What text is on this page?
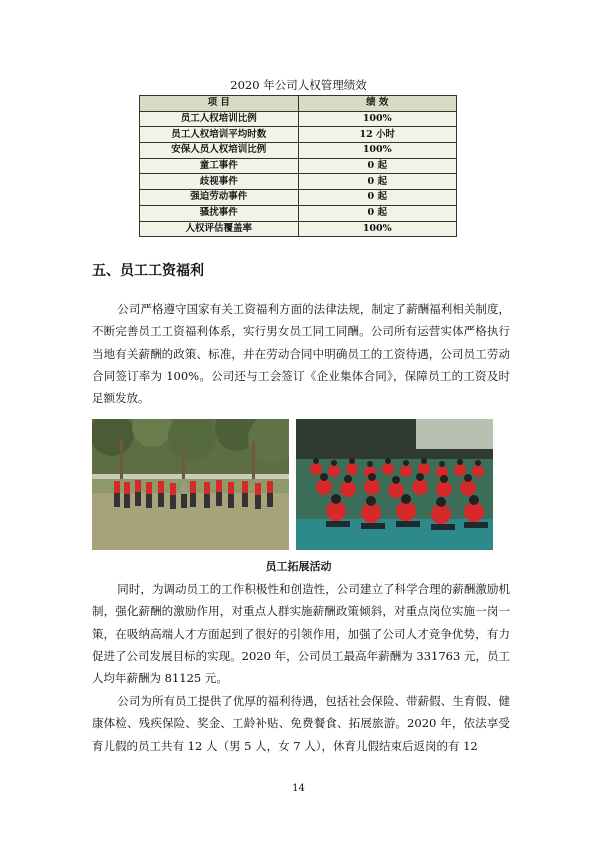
2020 年公司人权管理绩效
项 目	绩 效
员工人权培训比例	100%
员工人权培训平均时数	12 小时
安保人员人权培训比例	100%
童工事件	0 起
歧视事件	0 起
强迫劳动事件	0 起
骚扰事件	0 起
人权评估覆盖率	100%
五、员工工资福利

公司严格遵守国家有关工资福利方面的法律法规，制定了薪酬福利相关制度，不断完善员工工资福利体系，实行男女员工同工同酬。公司所有运营实体严格执行当地有关薪酬的政策、标准，并在劳动合同中明确员工的工资待遇，公司员工劳动合同签订率为 100%。公司还与工会签订《企业集体合同》，保障员工的工资及时足额发放。

员工拓展活动

同时，为调动员工的工作积极性和创造性，公司建立了科学合理的薪酬激励机制，强化薪酬的激励作用，对重点人群实施薪酬政策倾斜，对重点岗位实施一岗一策，在吸纳高端人才方面起到了很好的引领作用，加强了公司人才竞争优势，有力促进了公司发展目标的实现。2020 年，公司员工最高年薪酬为 331763 元，员工人均年薪酬为 81125 元。

公司为所有员工提供了优厚的福利待遇，包括社会保险、带薪假、生育假、健康体检、残疾保险、奖金、工龄补贴、免费餐食、拓展旅游。2020 年，依法享受育儿假的员工共有 12 人（男 5 人，女 7 人），休育儿假结束后返岗的有 12

14
